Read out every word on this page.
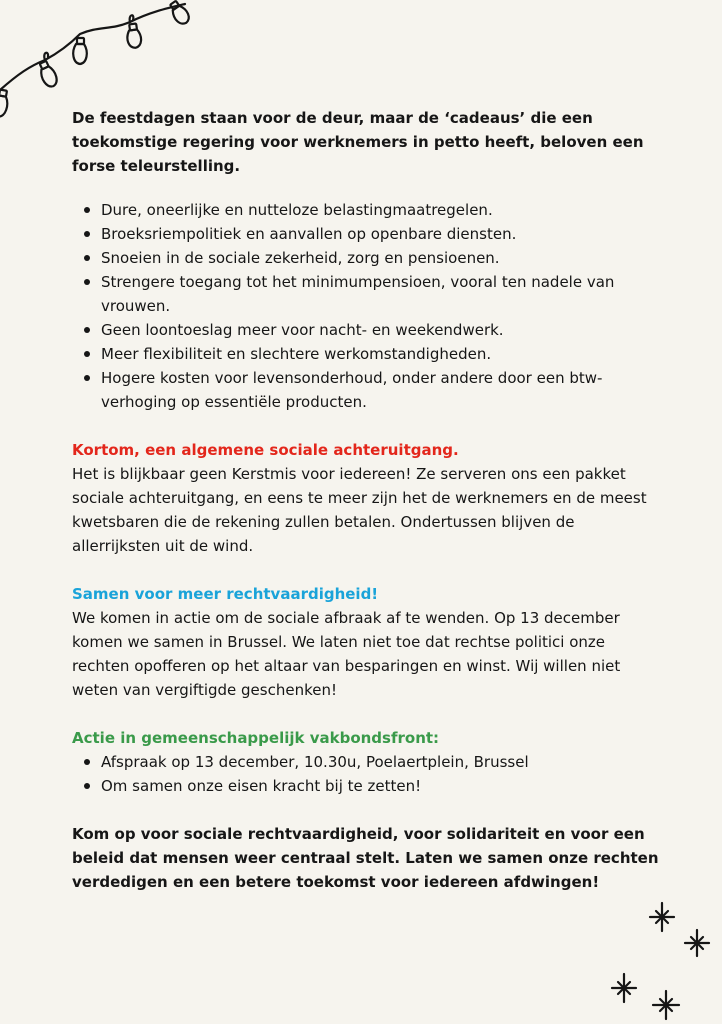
De feestdagen staan voor de deur, maar de ‘cadeaus’ die een toekomstige regering voor werknemers in petto heeft, beloven een forse teleurstelling.

Dure, oneerlijke en nutteloze belastingmaatregelen.
Broeksriempolitiek en aanvallen op openbare diensten.
Snoeien in de sociale zekerheid, zorg en pensioenen.
Strengere toegang tot het minimumpensioen, vooral ten nadele van vrouwen.
Geen loontoeslag meer voor nacht- en weekendwerk.
Meer flexibiliteit en slechtere werkomstandigheden.
Hogere kosten voor levensonderhoud, onder andere door een btw-verhoging op essentiële producten.

Kortom, een algemene sociale achteruitgang.

Het is blijkbaar geen Kerstmis voor iedereen! Ze serveren ons een pakket sociale achteruitgang, en eens te meer zijn het de werknemers en de meest kwetsbaren die de rekening zullen betalen. Ondertussen blijven de allerrijksten uit de wind.

Samen voor meer rechtvaardigheid!

We komen in actie om de sociale afbraak af te wenden. Op 13 december komen we samen in Brussel. We laten niet toe dat rechtse politici onze rechten opofferen op het altaar van besparingen en winst. Wij willen niet weten van vergiftigde geschenken!

Actie in gemeenschappelijk vakbondsfront:

Afspraak op 13 december, 10.30u, Poelaertplein, Brussel
Om samen onze eisen kracht bij te zetten!

Kom op voor sociale rechtvaardigheid, voor solidariteit en voor een beleid dat mensen weer centraal stelt. Laten we samen onze rechten verdedigen en een betere toekomst voor iedereen afdwingen!
